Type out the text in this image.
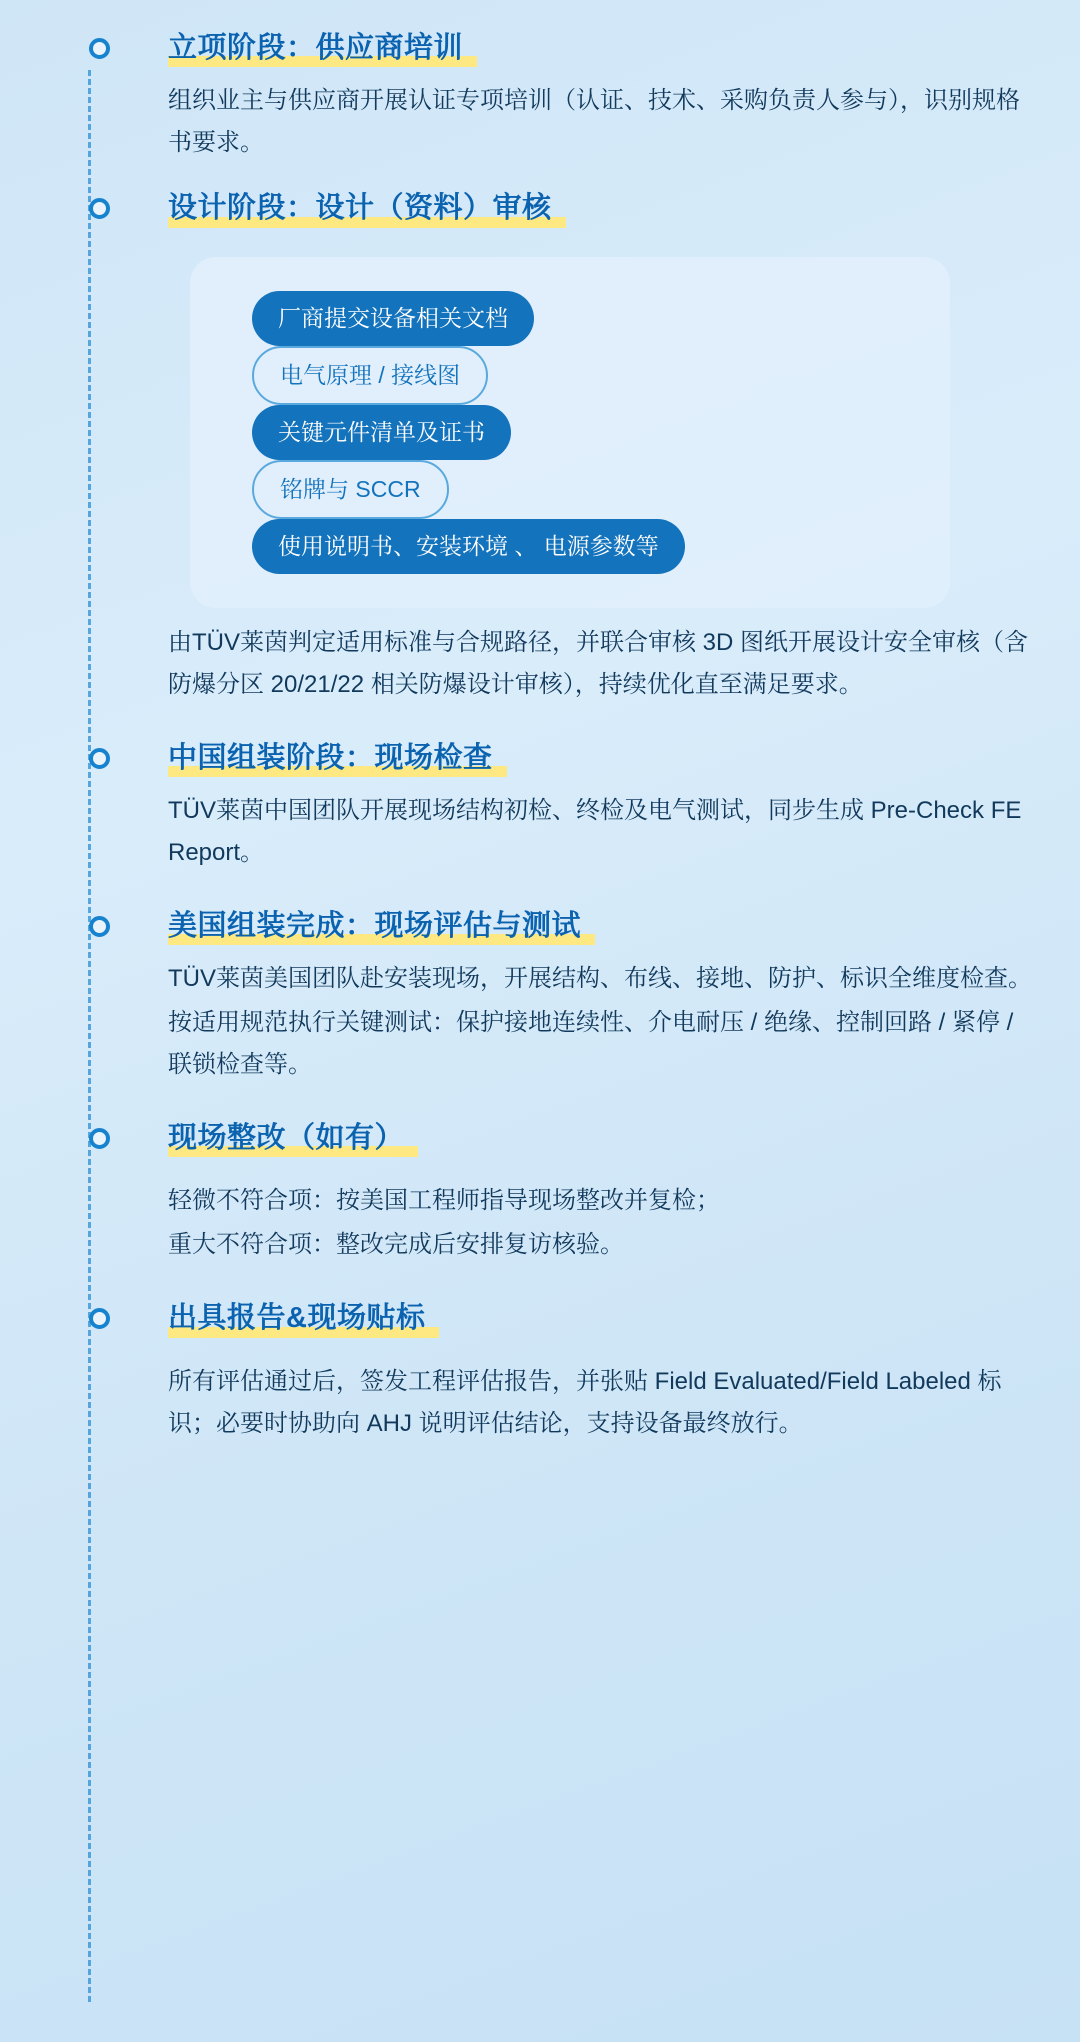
立项阶段：供应商培训

组织业主与供应商开展认证专项培训（认证、技术、采购负责人参与），识别规格书要求。

设计阶段：设计（资料）审核
厂商提交设备相关文档
电气原理 / 接线图
关键元件清单及证书
铭牌与 SCCR
使用说明书、安装环境 、 电源参数等

由TÜV莱茵判定适用标准与合规路径，并联合审核 3D 图纸开展设计安全审核（含防爆分区 20/21/22 相关防爆设计审核），持续优化直至满足要求。

中国组装阶段：现场检查

TÜV莱茵中国团队开展现场结构初检、终检及电气测试，同步生成 Pre-Check FE Report。

美国组装完成：现场评估与测试

TÜV莱茵美国团队赴安装现场，开展结构、布线、接地、防护、标识全维度检查。

按适用规范执行关键测试：保护接地连续性、介电耐压 / 绝缘、控制回路 / 紧停 / 联锁检查等。

现场整改（如有）

轻微不符合项：按美国工程师指导现场整改并复检；

重大不符合项：整改完成后安排复访核验。

出具报告&现场贴标

所有评估通过后，签发工程评估报告，并张贴 Field Evaluated/Field Labeled 标识；必要时协助向 AHJ 说明评估结论，支持设备最终放行。
